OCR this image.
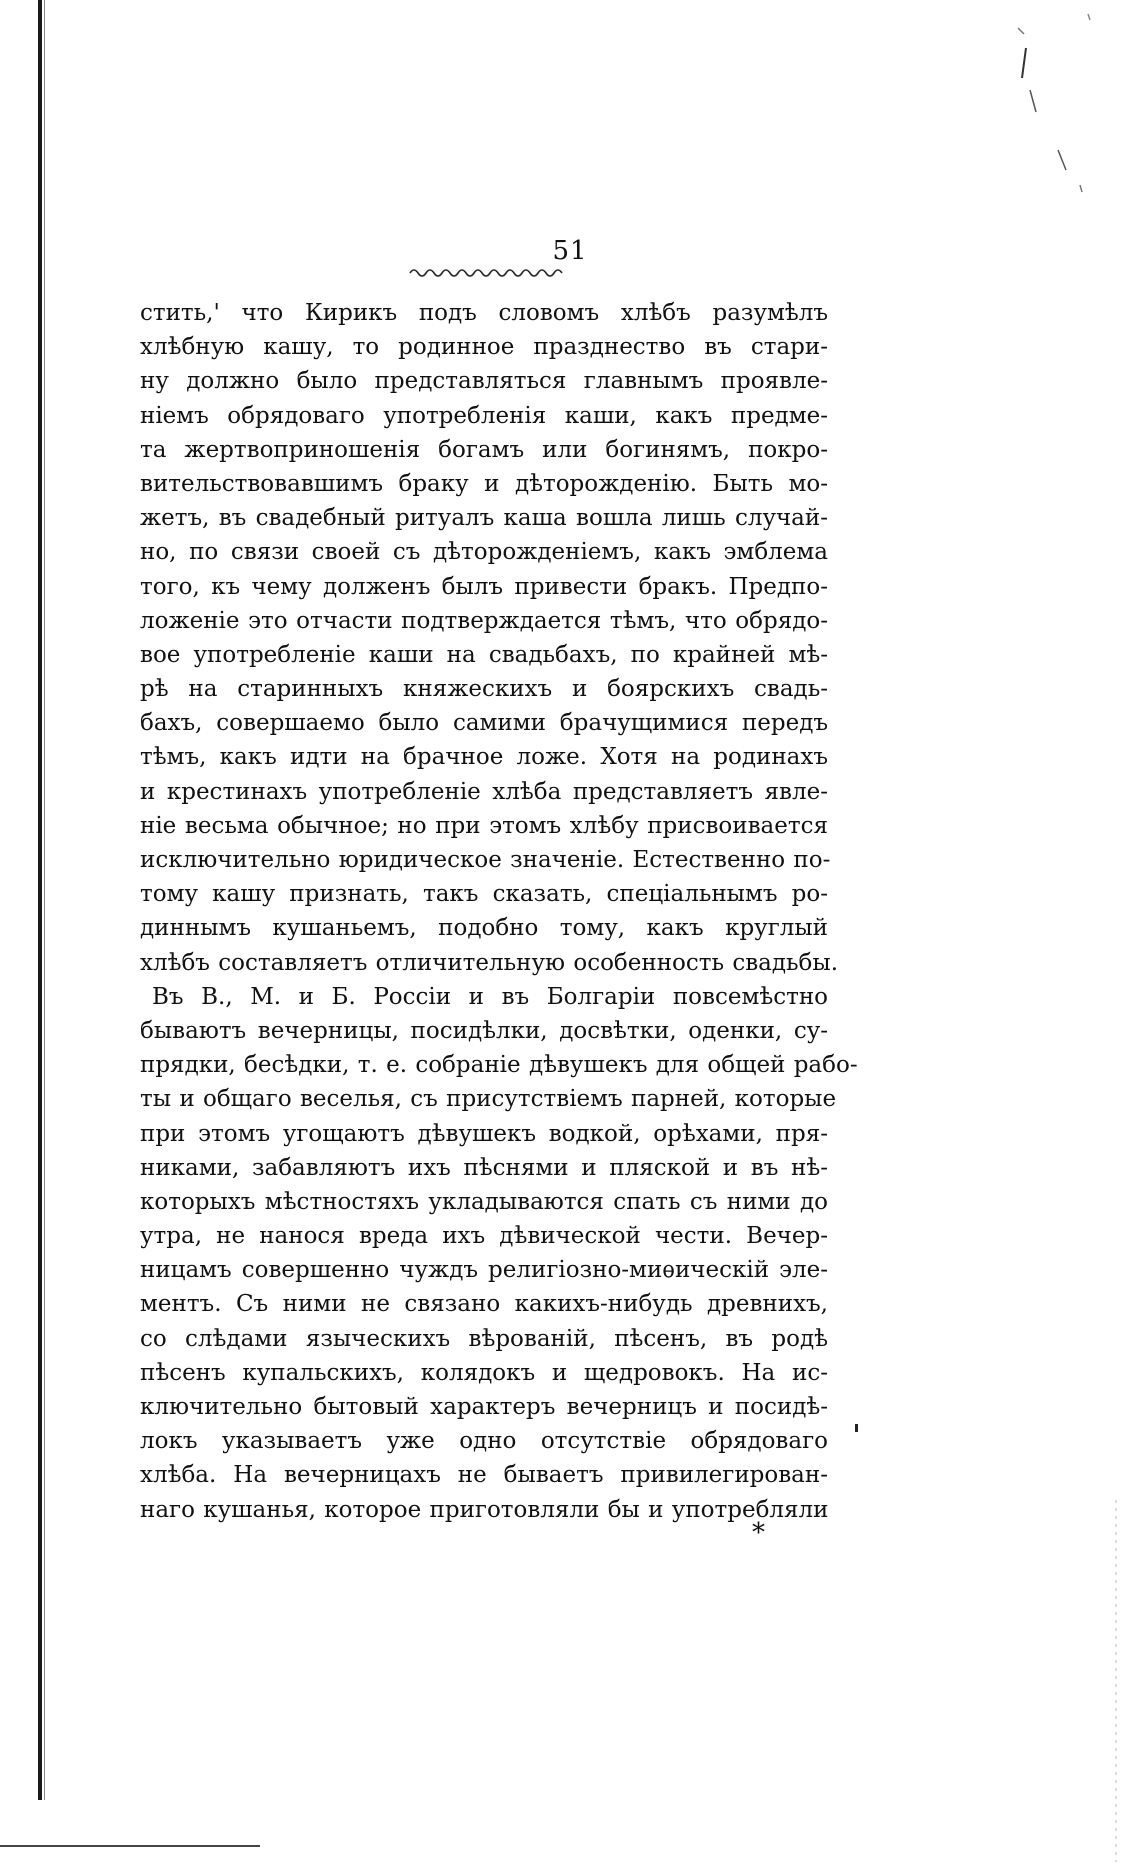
51
стить,' что Кирикъ подъ словомъ хлѣбъ разумѣлъ
хлѣбную кашу, то родинное празднество въ стари-
ну должно было представляться главнымъ проявле-
ніемъ обрядоваго употребленія каши, какъ предме-
та жертвоприношенія богамъ или богинямъ, покро-
вительствовавшимъ браку и дѣторожденію. Быть мо-
жетъ, въ свадебный ритуалъ каша вошла лишь случай-
но, по связи своей съ дѣторожденіемъ, какъ эмблема
того, къ чему долженъ былъ привести бракъ. Предпо-
ложеніе это отчасти подтверждается тѣмъ, что обрядо-
вое употребленіе каши на свадьбахъ, по крайней мѣ-
рѣ на старинныхъ княжескихъ и боярскихъ свадь-
бахъ, совершаемо было самими брачущимися передъ
тѣмъ, какъ идти на брачное ложе. Хотя на родинахъ
и крестинахъ употребленіе хлѣба представляетъ явле-
ніе весьма обычное; но при этомъ хлѣбу присвоивается
исключительно юридическое значеніе. Естественно по-
тому кашу признать, такъ сказать, спеціальнымъ ро-
диннымъ кушаньемъ, подобно тому, какъ круглый
хлѣбъ составляетъ отличительную особенность свадьбы.
Въ В., М. и Б. Россіи и въ Болгаріи повсемѣстно
бываютъ вечерницы, посидѣлки, досвѣтки, оденки, су-
прядки, бесѣдки, т. е. собраніе дѣвушекъ для общей рабо-
ты и общаго веселья, съ присутствіемъ парней, которые
при этомъ угощаютъ дѣвушекъ водкой, орѣхами, пря-
никами, забавляютъ ихъ пѣснями и пляской и въ нѣ-
которыхъ мѣстностяхъ укладываются спать съ ними до
утра, не нанося вреда ихъ дѣвической чести. Вечер-
ницамъ совершенно чуждъ религіозно-миѳическій эле-
ментъ. Съ ними не связано какихъ-нибудь древнихъ,
со слѣдами языческихъ вѣрованій, пѣсенъ, въ родѣ
пѣсенъ купальскихъ, колядокъ и щедровокъ. На ис-
ключительно бытовый характеръ вечерницъ и посидѣ-
локъ указываетъ уже одно отсутствіе обрядоваго
хлѣба. На вечерницахъ не бываетъ привилегирован-
наго кушанья, которое приготовляли бы и употребляли
*
